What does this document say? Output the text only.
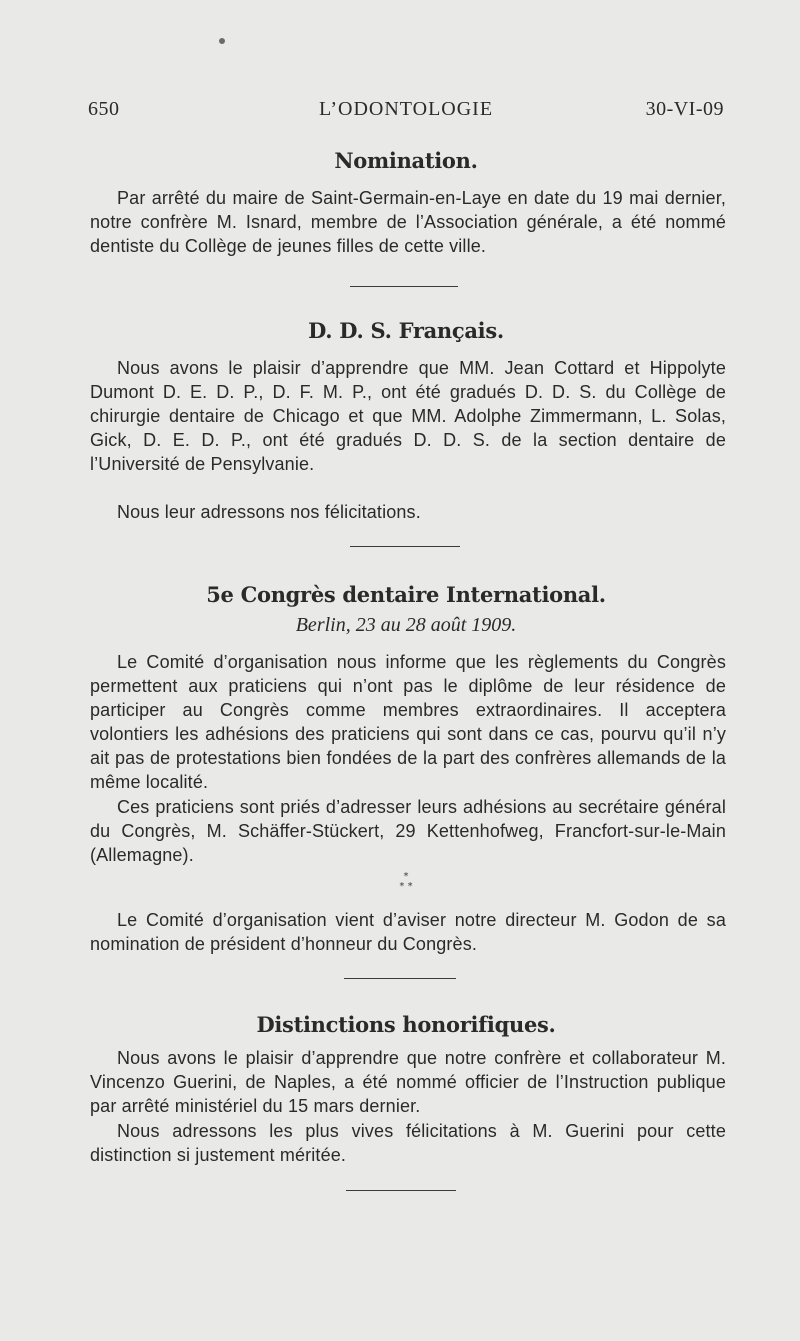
650	L’ODONTOLOGIE	30-VI-09
Nomination.
Par arrêté du maire de Saint-Germain-en-Laye en date du 19 mai dernier, notre confrère M. Isnard, membre de l’Association générale, a été nommé dentiste du Collège de jeunes filles de cette ville.
D. D. S. Français.
Nous avons le plaisir d’apprendre que MM. Jean Cottard et Hippolyte Dumont D. E. D. P., D. F. M. P., ont été gradués D. D. S. du Collège de chirurgie dentaire de Chicago et que MM. Adolphe Zimmermann, L. Solas, Gick, D. E. D. P., ont été gradués D. D. S. de la section dentaire de l’Université de Pensylvanie.
Nous leur adressons nos félicitations.
5e Congrès dentaire International.
Berlin, 23 au 28 août 1909.
Le Comité d’organisation nous informe que les règlements du Congrès permettent aux praticiens qui n’ont pas le diplôme de leur résidence de participer au Congrès comme membres extraordinaires. Il acceptera volontiers les adhésions des praticiens qui sont dans ce cas, pourvu qu’il n’y ait pas de protestations bien fondées de la part des confrères allemands de la même localité.
Ces praticiens sont priés d’adresser leurs adhésions au secrétaire général du Congrès, M. Schäffer-Stückert, 29 Kettenhofweg, Francfort-sur-le-Main (Allemagne).
*
* *
Le Comité d’organisation vient d’aviser notre directeur M. Godon de sa nomination de président d’honneur du Congrès.
Distinctions honorifiques.
Nous avons le plaisir d’apprendre que notre confrère et collaborateur M. Vincenzo Guerini, de Naples, a été nommé officier de l’Instruction publique par arrêté ministériel du 15 mars dernier.
Nous adressons les plus vives félicitations à M. Guerini pour cette distinction si justement méritée.
